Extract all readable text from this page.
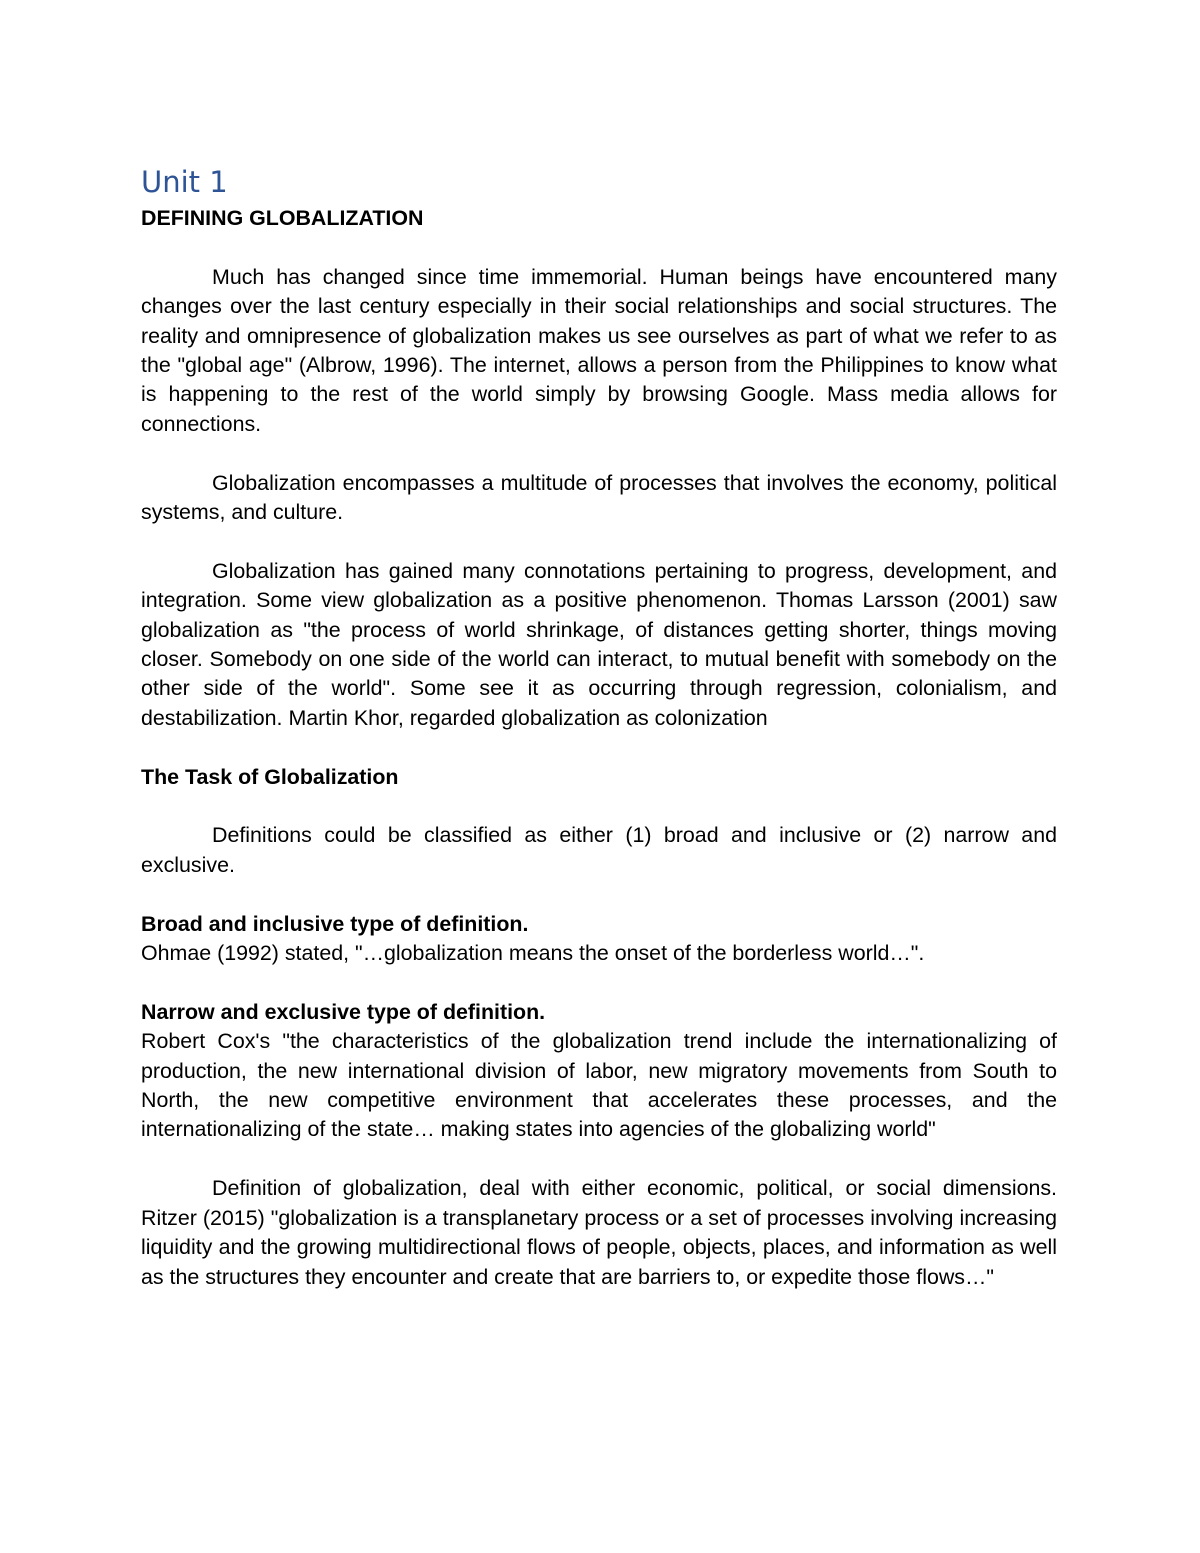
Unit 1
DEFINING GLOBALIZATION

Much has changed since time immemorial. Human beings have encountered many changes over the last century especially in their social relationships and social structures. The reality and omnipresence of globalization makes us see ourselves as part of what we refer to as the "global age" (Albrow, 1996). The internet, allows a person from the Philippines to know what is happening to the rest of the world simply by browsing Google. Mass media allows for connections.

Globalization encompasses a multitude of processes that involves the economy, political systems, and culture.

Globalization has gained many connotations pertaining to progress, development, and integration. Some view globalization as a positive phenomenon. Thomas Larsson (2001) saw globalization as "the process of world shrinkage, of distances getting shorter, things moving closer. Somebody on one side of the world can interact, to mutual benefit with somebody on the other side of the world". Some see it as occurring through regression, colonialism, and destabilization. Martin Khor, regarded globalization as colonization

The Task of Globalization

Definitions could be classified as either (1) broad and inclusive or (2) narrow and exclusive.

Broad and inclusive type of definition.

Ohmae (1992) stated, "…globalization means the onset of the borderless world…".

Narrow and exclusive type of definition.

Robert Cox's "the characteristics of the globalization trend include the internationalizing of production, the new international division of labor, new migratory movements from South to North, the new competitive environment that accelerates these processes, and the internationalizing of the state… making states into agencies of the globalizing world"

Definition of globalization, deal with either economic, political, or social dimensions. Ritzer (2015) "globalization is a transplanetary process or a set of processes involving increasing liquidity and the growing multidirectional flows of people, objects, places, and information as well as the structures they encounter and create that are barriers to, or expedite those flows…"
